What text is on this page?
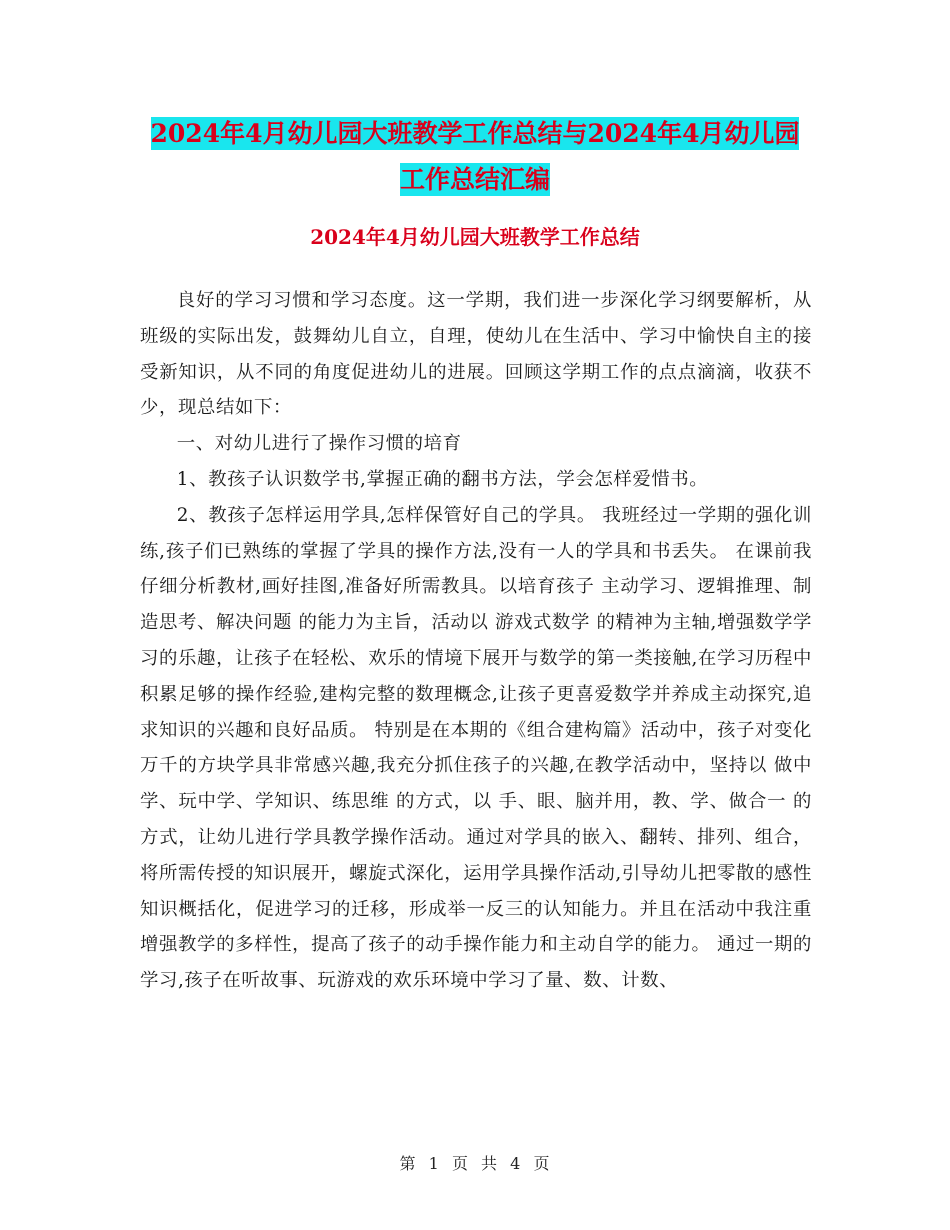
2024年4月幼儿园大班教学工作总结与2024年4月幼儿园工作总结汇编
2024年4月幼儿园大班教学工作总结

良好的学习习惯和学习态度。这一学期，我们进一步深化学习纲要解析，从班级的实际出发，鼓舞幼儿自立，自理，使幼儿在生活中、学习中愉快自主的接受新知识，从不同的角度促进幼儿的进展。回顾这学期工作的点点滴滴，收获不少，现总结如下：

一、对幼儿进行了操作习惯的培育

1、教孩子认识数学书,掌握正确的翻书方法，学会怎样爱惜书。

2、教孩子怎样运用学具,怎样保管好自己的学具。 我班经过一学期的强化训练,孩子们已熟练的掌握了学具的操作方法,没有一人的学具和书丢失。 在课前我仔细分析教材,画好挂图,准备好所需教具。以培育孩子 主动学习、逻辑推理、制造思考、解决问题 的能力为主旨，活动以 游戏式数学 的精神为主轴,增强数学学习的乐趣，让孩子在轻松、欢乐的情境下展开与数学的第一类接触,在学习历程中积累足够的操作经验,建构完整的数理概念,让孩子更喜爱数学并养成主动探究,追求知识的兴趣和良好品质。 特别是在本期的《组合建构篇》活动中，孩子对变化万千的方块学具非常感兴趣,我充分抓住孩子的兴趣,在教学活动中，坚持以 做中学、玩中学、学知识、练思维 的方式，以 手、眼、脑并用，教、学、做合一 的方式，让幼儿进行学具教学操作活动。通过对学具的嵌入、翻转、排列、组合，将所需传授的知识展开，螺旋式深化，运用学具操作活动,引导幼儿把零散的感性知识概括化，促进学习的迁移，形成举一反三的认知能力。并且在活动中我注重增强教学的多样性，提高了孩子的动手操作能力和主动自学的能力。 通过一期的学习,孩子在听故事、玩游戏的欢乐环境中学习了量、数、计数、

第 1 页 共 4 页
